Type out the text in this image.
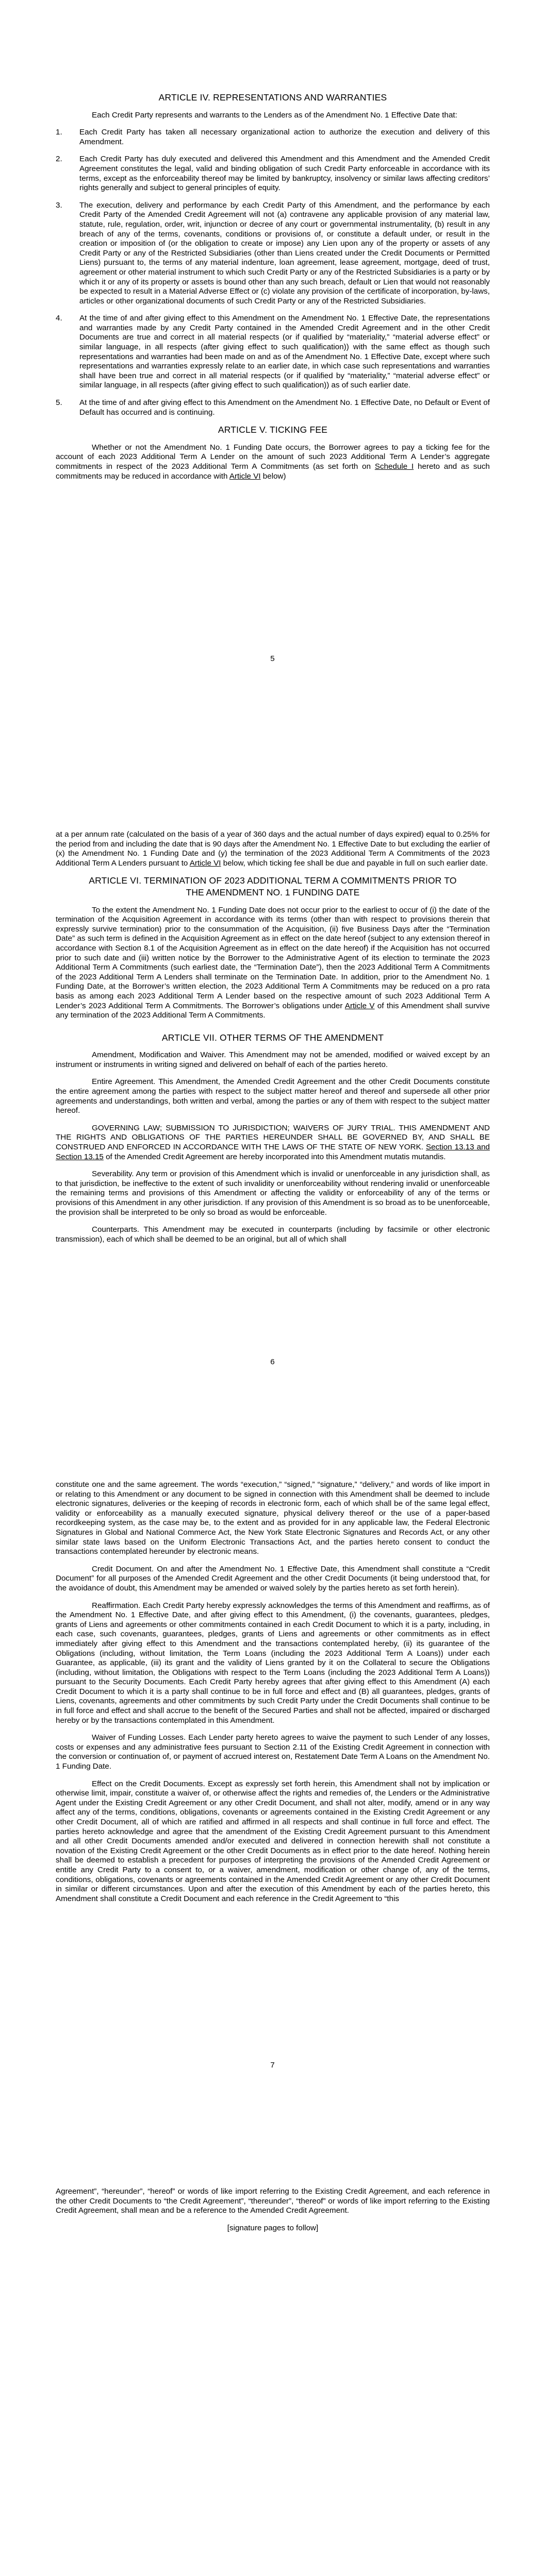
ARTICLE IV. REPRESENTATIONS AND WARRANTIES

Each Credit Party represents and warrants to the Lenders as of the Amendment No. 1 Effective Date that:

1. Each Credit Party has taken all necessary organizational action to authorize the execution and delivery of this Amendment.
2. Each Credit Party has duly executed and delivered this Amendment and this Amendment and the Amended Credit Agreement constitutes the legal, valid and binding obligation of such Credit Party enforceable in accordance with its terms, except as the enforceability thereof may be limited by bankruptcy, insolvency or similar laws affecting creditors’ rights generally and subject to general principles of equity.
3. The execution, delivery and performance by each Credit Party of this Amendment, and the performance by each Credit Party of the Amended Credit Agreement will not (a) contravene any applicable provision of any material law, statute, rule, regulation, order, writ, injunction or decree of any court or governmental instrumentality, (b) result in any breach of any of the terms, covenants, conditions or provisions of, or constitute a default under, or result in the creation or imposition of (or the obligation to create or impose) any Lien upon any of the property or assets of any Credit Party or any of the Restricted Subsidiaries (other than Liens created under the Credit Documents or Permitted Liens) pursuant to, the terms of any material indenture, loan agreement, lease agreement, mortgage, deed of trust, agreement or other material instrument to which such Credit Party or any of the Restricted Subsidiaries is a party or by which it or any of its property or assets is bound other than any such breach, default or Lien that would not reasonably be expected to result in a Material Adverse Effect or (c) violate any provision of the certificate of incorporation, by-laws, articles or other organizational documents of such Credit Party or any of the Restricted Subsidiaries.
4. At the time of and after giving effect to this Amendment on the Amendment No. 1 Effective Date, the representations and warranties made by any Credit Party contained in the Amended Credit Agreement and in the other Credit Documents are true and correct in all material respects (or if qualified by “materiality,” “material adverse effect” or similar language, in all respects (after giving effect to such qualification)) with the same effect as though such representations and warranties had been made on and as of the Amendment No. 1 Effective Date, except where such representations and warranties expressly relate to an earlier date, in which case such representations and warranties shall have been true and correct in all material respects (or if qualified by “materiality,” “material adverse effect” or similar language, in all respects (after giving effect to such qualification)) as of such earlier date.
5. At the time of and after giving effect to this Amendment on the Amendment No. 1 Effective Date, no Default or Event of Default has occurred and is continuing.
ARTICLE V. TICKING FEE

Whether or not the Amendment No. 1 Funding Date occurs, the Borrower agrees to pay a ticking fee for the account of each 2023 Additional Term A Lender on the amount of such 2023 Additional Term A Lender’s aggregate commitments in respect of the 2023 Additional Term A Commitments (as set forth on Schedule I hereto and as such commitments may be reduced in accordance with Article VI below)

5

at a per annum rate (calculated on the basis of a year of 360 days and the actual number of days expired) equal to 0.25% for the period from and including the date that is 90 days after the Amendment No. 1 Effective Date to but excluding the earlier of (x) the Amendment No. 1 Funding Date and (y) the termination of the 2023 Additional Term A Commitments of the 2023 Additional Term A Lenders pursuant to Article VI below, which ticking fee shall be due and payable in full on such earlier date.

ARTICLE VI. TERMINATION OF 2023 ADDITIONAL TERM A COMMITMENTS PRIOR TO
THE AMENDMENT NO. 1 FUNDING DATE

To the extent the Amendment No. 1 Funding Date does not occur prior to the earliest to occur of (i) the date of the termination of the Acquisition Agreement in accordance with its terms (other than with respect to provisions therein that expressly survive termination) prior to the consummation of the Acquisition, (ii) five Business Days after the “Termination Date” as such term is defined in the Acquisition Agreement as in effect on the date hereof (subject to any extension thereof in accordance with Section 8.1 of the Acquisition Agreement as in effect on the date hereof) if the Acquisition has not occurred prior to such date and (iii) written notice by the Borrower to the Administrative Agent of its election to terminate the 2023 Additional Term A Commitments (such earliest date, the “Termination Date”), then the 2023 Additional Term A Commitments of the 2023 Additional Term A Lenders shall terminate on the Termination Date. In addition, prior to the Amendment No. 1 Funding Date, at the Borrower’s written election, the 2023 Additional Term A Commitments may be reduced on a pro rata basis as among each 2023 Additional Term A Lender based on the respective amount of such 2023 Additional Term A Lender’s 2023 Additional Term A Commitments. The Borrower’s obligations under Article V of this Amendment shall survive any termination of the 2023 Additional Term A Commitments.

ARTICLE VII. OTHER TERMS OF THE AMENDMENT

Amendment, Modification and Waiver. This Amendment may not be amended, modified or waived except by an instrument or instruments in writing signed and delivered on behalf of each of the parties hereto.

Entire Agreement. This Amendment, the Amended Credit Agreement and the other Credit Documents constitute the entire agreement among the parties with respect to the subject matter hereof and thereof and supersede all other prior agreements and understandings, both written and verbal, among the parties or any of them with respect to the subject matter hereof.

GOVERNING LAW; SUBMISSION TO JURISDICTION; WAIVERS OF JURY TRIAL. THIS AMENDMENT AND THE RIGHTS AND OBLIGATIONS OF THE PARTIES HEREUNDER SHALL BE GOVERNED BY, AND SHALL BE CONSTRUED AND ENFORCED IN ACCORDANCE WITH THE LAWS OF THE STATE OF NEW YORK. Section 13.13 and Section 13.15 of the Amended Credit Agreement are hereby incorporated into this Amendment mutatis mutandis.

Severability. Any term or provision of this Amendment which is invalid or unenforceable in any jurisdiction shall, as to that jurisdiction, be ineffective to the extent of such invalidity or unenforceability without rendering invalid or unenforceable the remaining terms and provisions of this Amendment or affecting the validity or enforceability of any of the terms or provisions of this Amendment in any other jurisdiction. If any provision of this Amendment is so broad as to be unenforceable, the provision shall be interpreted to be only so broad as would be enforceable.

Counterparts. This Amendment may be executed in counterparts (including by facsimile or other electronic transmission), each of which shall be deemed to be an original, but all of which shall

6

constitute one and the same agreement. The words “execution,” “signed,” “signature,” “delivery,” and words of like import in or relating to this Amendment or any document to be signed in connection with this Amendment shall be deemed to include electronic signatures, deliveries or the keeping of records in electronic form, each of which shall be of the same legal effect, validity or enforceability as a manually executed signature, physical delivery thereof or the use of a paper-based recordkeeping system, as the case may be, to the extent and as provided for in any applicable law, the Federal Electronic Signatures in Global and National Commerce Act, the New York State Electronic Signatures and Records Act, or any other similar state laws based on the Uniform Electronic Transactions Act, and the parties hereto consent to conduct the transactions contemplated hereunder by electronic means.

Credit Document. On and after the Amendment No. 1 Effective Date, this Amendment shall constitute a “Credit Document” for all purposes of the Amended Credit Agreement and the other Credit Documents (it being understood that, for the avoidance of doubt, this Amendment may be amended or waived solely by the parties hereto as set forth herein).

Reaffirmation. Each Credit Party hereby expressly acknowledges the terms of this Amendment and reaffirms, as of the Amendment No. 1 Effective Date, and after giving effect to this Amendment, (i) the covenants, guarantees, pledges, grants of Liens and agreements or other commitments contained in each Credit Document to which it is a party, including, in each case, such covenants, guarantees, pledges, grants of Liens and agreements or other commitments as in effect immediately after giving effect to this Amendment and the transactions contemplated hereby, (ii) its guarantee of the Obligations (including, without limitation, the Term Loans (including the 2023 Additional Term A Loans)) under each Guarantee, as applicable, (iii) its grant and the validity of Liens granted by it on the Collateral to secure the Obligations (including, without limitation, the Obligations with respect to the Term Loans (including the 2023 Additional Term A Loans)) pursuant to the Security Documents. Each Credit Party hereby agrees that after giving effect to this Amendment (A) each Credit Document to which it is a party shall continue to be in full force and effect and (B) all guarantees, pledges, grants of Liens, covenants, agreements and other commitments by such Credit Party under the Credit Documents shall continue to be in full force and effect and shall accrue to the benefit of the Secured Parties and shall not be affected, impaired or discharged hereby or by the transactions contemplated in this Amendment.

Waiver of Funding Losses. Each Lender party hereto agrees to waive the payment to such Lender of any losses, costs or expenses and any administrative fees pursuant to Section 2.11 of the Existing Credit Agreement in connection with the conversion or continuation of, or payment of accrued interest on, Restatement Date Term A Loans on the Amendment No. 1 Funding Date.

Effect on the Credit Documents. Except as expressly set forth herein, this Amendment shall not by implication or otherwise limit, impair, constitute a waiver of, or otherwise affect the rights and remedies of, the Lenders or the Administrative Agent under the Existing Credit Agreement or any other Credit Document, and shall not alter, modify, amend or in any way affect any of the terms, conditions, obligations, covenants or agreements contained in the Existing Credit Agreement or any other Credit Document, all of which are ratified and affirmed in all respects and shall continue in full force and effect. The parties hereto acknowledge and agree that the amendment of the Existing Credit Agreement pursuant to this Amendment and all other Credit Documents amended and/or executed and delivered in connection herewith shall not constitute a novation of the Existing Credit Agreement or the other Credit Documents as in effect prior to the date hereof. Nothing herein shall be deemed to establish a precedent for purposes of interpreting the provisions of the Amended Credit Agreement or entitle any Credit Party to a consent to, or a waiver, amendment, modification or other change of, any of the terms, conditions, obligations, covenants or agreements contained in the Amended Credit Agreement or any other Credit Document in similar or different circumstances. Upon and after the execution of this Amendment by each of the parties hereto, this Amendment shall constitute a Credit Document and each reference in the Credit Agreement to “this

7

Agreement”, “hereunder”, “hereof” or words of like import referring to the Existing Credit Agreement, and each reference in the other Credit Documents to “the Credit Agreement”, “thereunder”, “thereof” or words of like import referring to the Existing Credit Agreement, shall mean and be a reference to the Amended Credit Agreement.

[signature pages to follow]
